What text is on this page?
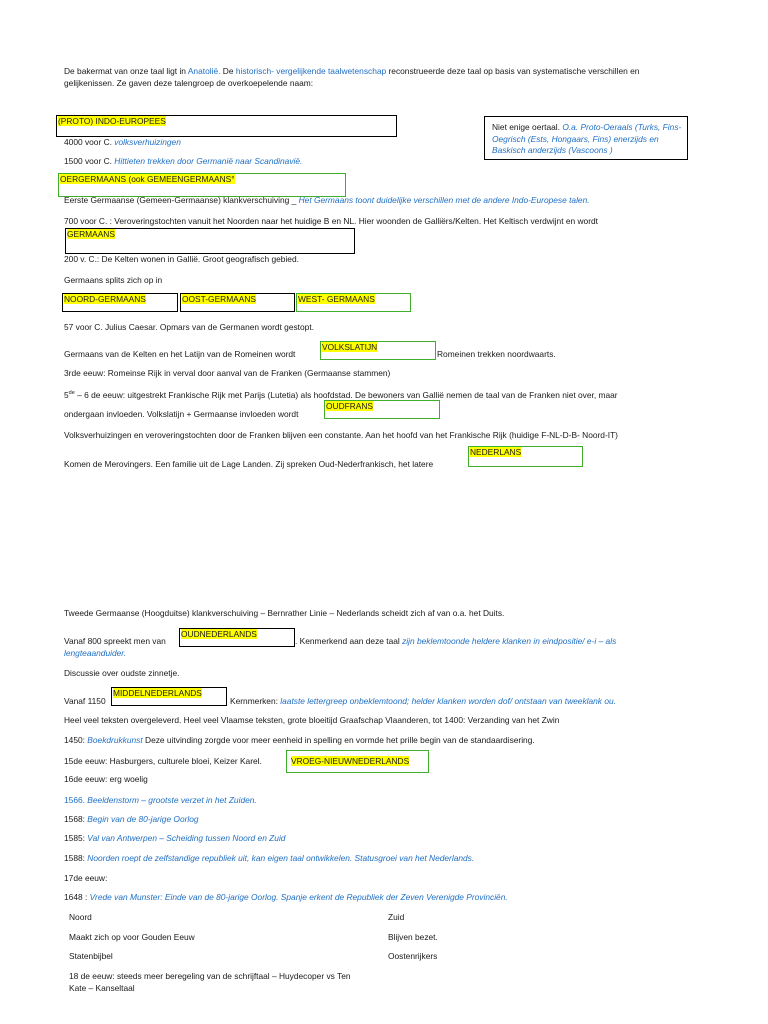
De bakermat van onze taal ligt in Anatolië. De historisch- vergelijkende taalwetenschap reconstrueerde deze taal op basis van systematische verschillen en
gelijkenissen. Ze gaven deze talengroep de overkoepelende naam:
(PROTO) INDO-EUROPEES
Niet enige oertaal. O.a. Proto-Oeraals (Turks, Fins-Oegrisch (Ests, Hongaars, Fins) enerzijds en Baskisch anderzijds (Vascoons )
4000 voor C. volksverhuizingen
1500 voor C. Hittieten trekken door Germanië naar Scandinavië.
OERGERMAANS (ook GEMEENGERMAANS°
Eerste Germaanse (Gemeen-Germaanse) klankverschuiving _ Het Germaans toont duidelijke verschillen met de andere Indo-Europese talen.
700 voor C. : Veroveringstochten vanuit het Noorden naar het huidige B en NL. Hier woonden de Galliërs/Kelten. Het Keltisch verdwijnt en wordt
GERMAANS
200 v. C.: De Kelten wonen in Gallië. Groot geografisch gebied.
Germaans splits zich op in
NOORD-GERMAANS	OOST-GERMAANS	WEST- GERMAANS
57 voor C. Julius Caesar. Opmars van de Germanen wordt gestopt.
Germaans van de Kelten en het Latijn van de Romeinen wordt
VOLKSLATIJN
Romeinen trekken noordwaarts.
3rde eeuw: Romeinse Rijk in verval door aanval van de Franken (Germaanse stammen)
5de – 6 de eeuw: uitgestrekt Frankische Rijk met Parijs (Lutetia) als hoofdstad. De bewoners van Gallië nemen de taal van de Franken niet over, maar
ondergaan invloeden. Volkslatijn + Germaanse invloeden wordt
OUDFRANS
Volksverhuizingen en veroveringstochten door de Franken blijven een constante. Aan het hoofd van het Frankische Rijk (huidige F-NL-D-B- Noord-IT)
Komen de Merovingers. Een familie uit de Lage Landen. Zij spreken Oud-Nederfrankisch, het latere
NEDERLANS
Tweede Germaanse (Hoogduitse) klankverschuiving – Bernrather Linie – Nederlands scheidt zich af van o.a. het Duits.
Vanaf 800 spreekt men van
OUDNEDERLANDS
. Kenmerkend aan deze taal zijn beklemtoonde heldere klanken in eindpositie/ e-i – als
lengteaanduider.
Discussie over oudste zinnetje.
Vanaf 1150
MIDDELNEDERLANDS
Kernmerken: laatste lettergreep onbeklemtoond; helder klanken worden dof/ ontstaan van tweeklank ou.
Heel veel teksten overgeleverd. Heel veel Vlaamse teksten, grote bloeitijd Graafschap Vlaanderen, tot 1400: Verzanding van het Zwin
1450: Boekdrukkunst Deze uitvinding zorgde voor meer eenheid in spelling en vormde het prille begin van de standaardisering.
15de eeuw: Hasburgers, culturele bloei, Keizer Karel.	VROEG-NIEUWNEDERLANDS
16de eeuw: erg woelig
1566. Beeldenstorm – grootste verzet in het Zuiden.
1568: Begin van de 80-jarige Oorlog
1585: Val van Antwerpen – Scheiding tussen Noord en Zuid
1588: Noorden roept de zelfstandige republiek uit, kan eigen taal ontwikkelen. Statusgroei van het Nederlands.
17de eeuw:
1648 : Vrede van Munster: Einde van de 80-jarige Oorlog. Spanje erkent de Republiek der Zeven Verenigde Provinciën.
Noord	Zuid
Maakt zich op voor Gouden Eeuw	Blijven bezet.
Statenbijbel	Oostenrijkers
18 de eeuw: steeds meer beregeling van de schrijftaal – Huydecoper vs Ten
Kate – Kanseltaal
